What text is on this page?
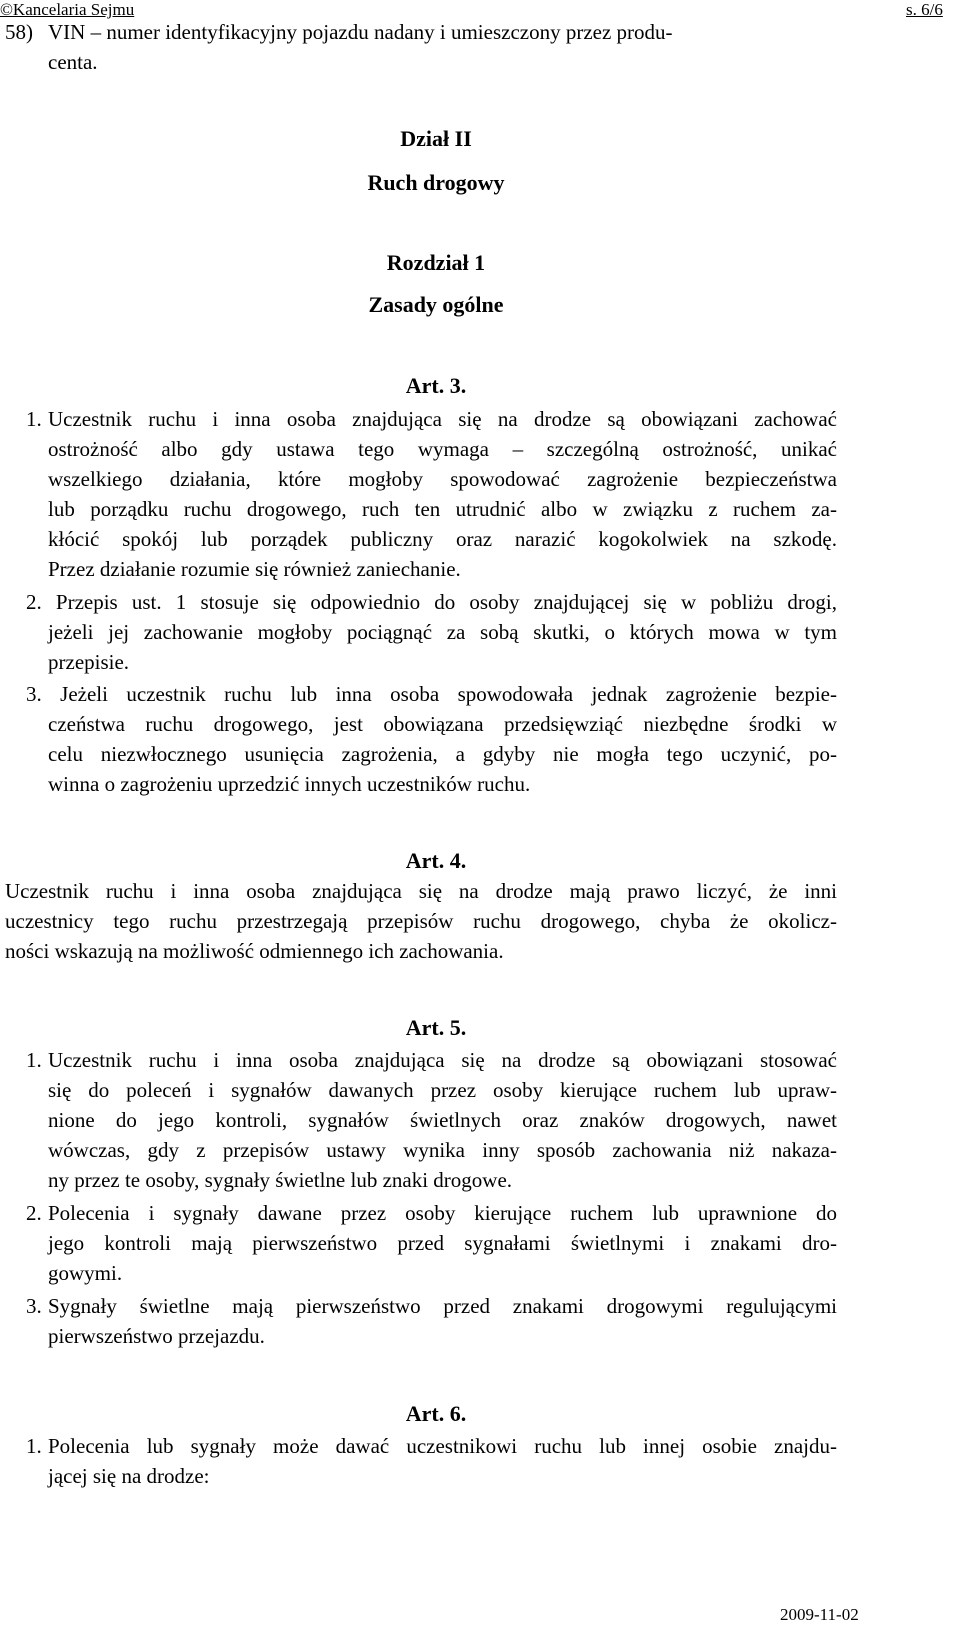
©Kancelaria Sejmu	s. 6/6
58) VIN – numer identyfikacyjny pojazdu nadany i umieszczony przez produ-
centa.
Dział II
Ruch drogowy
Rozdział 1
Zasady ogólne
Art. 3.
1. Uczestnik ruchu i inna osoba znajdująca się na drodze są obowiązani zachować
ostrożność albo gdy ustawa tego wymaga – szczególną ostrożność, unikać
wszelkiego działania, które mogłoby spowodować zagrożenie bezpieczeństwa
lub porządku ruchu drogowego, ruch ten utrudnić albo w związku z ruchem za-
kłócić spokój lub porządek publiczny oraz narazić kogokolwiek na szkodę.
Przez działanie rozumie się również zaniechanie.
2. Przepis ust. 1 stosuje się odpowiednio do osoby znajdującej się w pobliżu drogi,
jeżeli jej zachowanie mogłoby pociągnąć za sobą skutki, o których mowa w tym
przepisie.
3. Jeżeli uczestnik ruchu lub inna osoba spowodowała jednak zagrożenie bezpie-
czeństwa ruchu drogowego, jest obowiązana przedsięwziąć niezbędne środki w
celu niezwłocznego usunięcia zagrożenia, a gdyby nie mogła tego uczynić, po-
winna o zagrożeniu uprzedzić innych uczestników ruchu.
Art. 4.
Uczestnik ruchu i inna osoba znajdująca się na drodze mają prawo liczyć, że inni
uczestnicy tego ruchu przestrzegają przepisów ruchu drogowego, chyba że okolicz-
ności wskazują na możliwość odmiennego ich zachowania.
Art. 5.
1. Uczestnik ruchu i inna osoba znajdująca się na drodze są obowiązani stosować
się do poleceń i sygnałów dawanych przez osoby kierujące ruchem lub upraw-
nione do jego kontroli, sygnałów świetlnych oraz znaków drogowych, nawet
wówczas, gdy z przepisów ustawy wynika inny sposób zachowania niż nakaza-
ny przez te osoby, sygnały świetlne lub znaki drogowe.
2. Polecenia i sygnały dawane przez osoby kierujące ruchem lub uprawnione do
jego kontroli mają pierwszeństwo przed sygnałami świetlnymi i znakami dro-
gowymi.
3. Sygnały świetlne mają pierwszeństwo przed znakami drogowymi regulującymi
pierwszeństwo przejazdu.
Art. 6.
1. Polecenia lub sygnały może dawać uczestnikowi ruchu lub innej osobie znajdu-
jącej się na drodze:
2009-11-02
